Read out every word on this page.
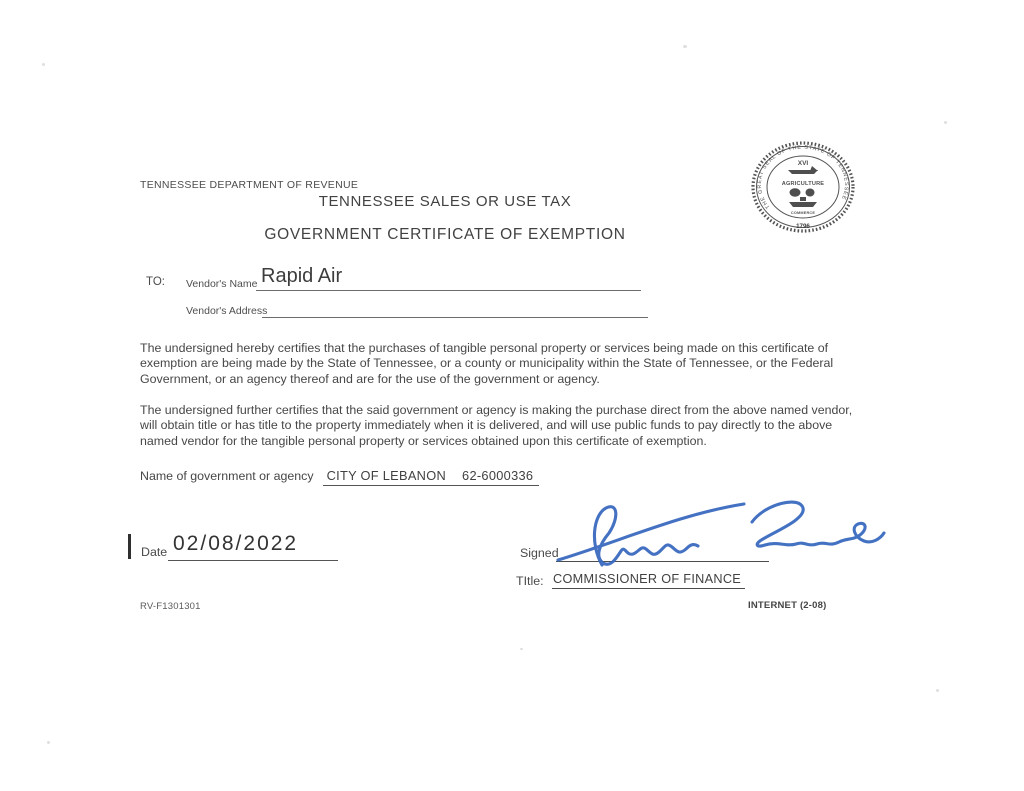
TENNESSEE DEPARTMENT OF REVENUE
TENNESSEE SALES OR USE TAX
GOVERNMENT CERTIFICATE OF EXEMPTION
THE GREAT SEAL OF THE STATE OF TENNESSEE
1796
XVI
AGRICULTURE
COMMERCE
TO: Vendor's Name Rapid Air
Vendor's Address
The undersigned hereby certifies that the purchases of tangible personal property or services being made on this certificate of
exemption are being made by the State of Tennessee, or a county or municipality within the State of Tennessee, or the Federal
Government, or an agency thereof and are for the use of the government or agency.
The undersigned further certifies that the said government or agency is making the purchase direct from the above named vendor,
will obtain title or has title to the property immediately when it is delivered, and will use public funds to pay directly to the above
named vendor for the tangible personal property or services obtained upon this certificate of exemption.
Name of government or agency CITY OF LEBANON 62-6000336
Date 02/08/2022	Signed
TItle: COMMISSIONER OF FINANCE
RV-F1301301	INTERNET (2-08)
